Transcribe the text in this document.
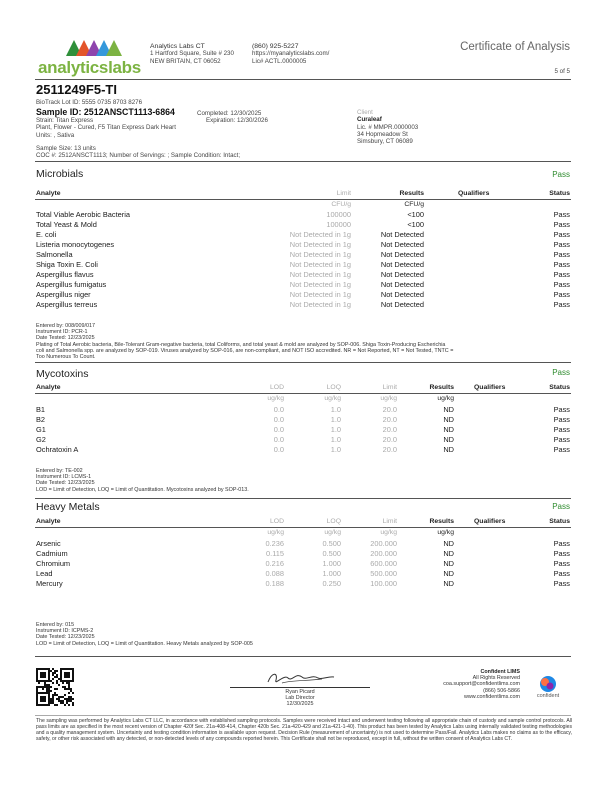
analyticslabs
Analytics Labs CT
1 Hartford Square, Suite # 230
NEW BRITAIN, CT 06052
(860) 925-5227
https://myanalyticslabs.com/
Lic# ACTL.0000005
Certificate of Analysis
5 of 5
2511249F5-TI
BioTrack Lot ID: 5555 0735 8703 8276
Sample ID: 2512ANSCT1113-6864
Strain: Titan Express
Plant, Flower - Cured, F5 Titan Express Dark Heart
Units: , Sativa
Completed: 12/30/2025
Expiration: 12/30/2026
Client
Curaleaf
Lic. # MMPR.0000003
34 Hopmeadow St
Simsbury, CT 06089
Sample Size: 13 units
COC #: 2512ANSCT1113; Number of Servings: ; Sample Condition: Intact;
Microbials	Pass
Analyte	Limit	Results	Qualifiers	Status
CFU/g	CFU/g
Total Viable Aerobic Bacteria	100000	<100	Pass
Total Yeast & Mold	100000	<100	Pass
E. coli	Not Detected in 1g	Not Detected	Pass
Listeria monocytogenes	Not Detected in 1g	Not Detected	Pass
Salmonella	Not Detected in 1g	Not Detected	Pass
Shiga Toxin E. Coli	Not Detected in 1g	Not Detected	Pass
Aspergillus flavus	Not Detected in 1g	Not Detected	Pass
Aspergillus fumigatus	Not Detected in 1g	Not Detected	Pass
Aspergillus niger	Not Detected in 1g	Not Detected	Pass
Aspergillus terreus	Not Detected in 1g	Not Detected	Pass
Entered by: 008/009/017
Instrument ID: PCR-1
Date Tested: 12/23/2025
Plating of Total Aerobic bacteria, Bile-Tolerant Gram-negative bacteria, total Coliforms, and total yeast & mold are analyzed by SOP-006. Shiga Toxin-Producing Escherichia
coli and Salmonella spp. are analyzed by SOP-019. Viruses analyzed by SOP-016, are non-compliant, and NOT ISO accredited. NR = Not Reported, NT = Not Tested, TNTC =
Too Numerous To Count.
Mycotoxins	Pass
Analyte	LOD	LOQ	Limit	Results	Qualifiers	Status
ug/kg	ug/kg	ug/kg	ug/kg
B1	0.0	1.0	20.0	ND	Pass
B2	0.0	1.0	20.0	ND	Pass
G1	0.0	1.0	20.0	ND	Pass
G2	0.0	1.0	20.0	ND	Pass
Ochratoxin A	0.0	1.0	20.0	ND	Pass
Entered by: TE-002
Instrument ID: LCMS-1
Date Tested: 12/23/2025
LOD = Limit of Detection, LOQ = Limit of Quantitation. Mycotoxins analyzed by SOP-013.
Heavy Metals	Pass
Analyte	LOD	LOQ	Limit	Results	Qualifiers	Status
ug/kg	ug/kg	ug/kg	ug/kg
Arsenic	0.236	0.500	200.000	ND	Pass
Cadmium	0.115	0.500	200.000	ND	Pass
Chromium	0.216	1.000	600.000	ND	Pass
Lead	0.088	1.000	500.000	ND	Pass
Mercury	0.188	0.250	100.000	ND	Pass
Entered by: 015
Instrument ID: ICPMS-2
Date Tested: 12/23/2025
LOD = Limit of Detection, LOQ = Limit of Quantitation. Heavy Metals analyzed by SOP-005
Ryan Picard
Lab Director
12/30/2025
Confident LIMS
All Rights Reserved
coa.support@confidentlims.com
(866) 506-5866
www.confidentlims.com	confident
The sampling was performed by Analytics Labs CT LLC, in accordance with established sampling protocols. Samples were received intact and underwent testing following all appropriate chain of custody and sample control protocols. All pass limits are as specified in the most recent version of Chapter 420f Sec. 21a-408-414, Chapter 420b Sec. 21a-420-429 and 21a-421-1-40). This product has been tested by Analytics Labs using internally validated testing methodologies and a quality management system. Uncertainty and testing condition information is available upon request. Decision Rule (measurement of uncertainty) is not used to determine Pass/Fail. Analytics Labs makes no claims as to the efficacy, safety, or other risk associated with any detected, or non-detected levels of any compounds reported herein. This Certificate shall not be reproduced, except in full, without the written consent of Analytics Labs CT.
